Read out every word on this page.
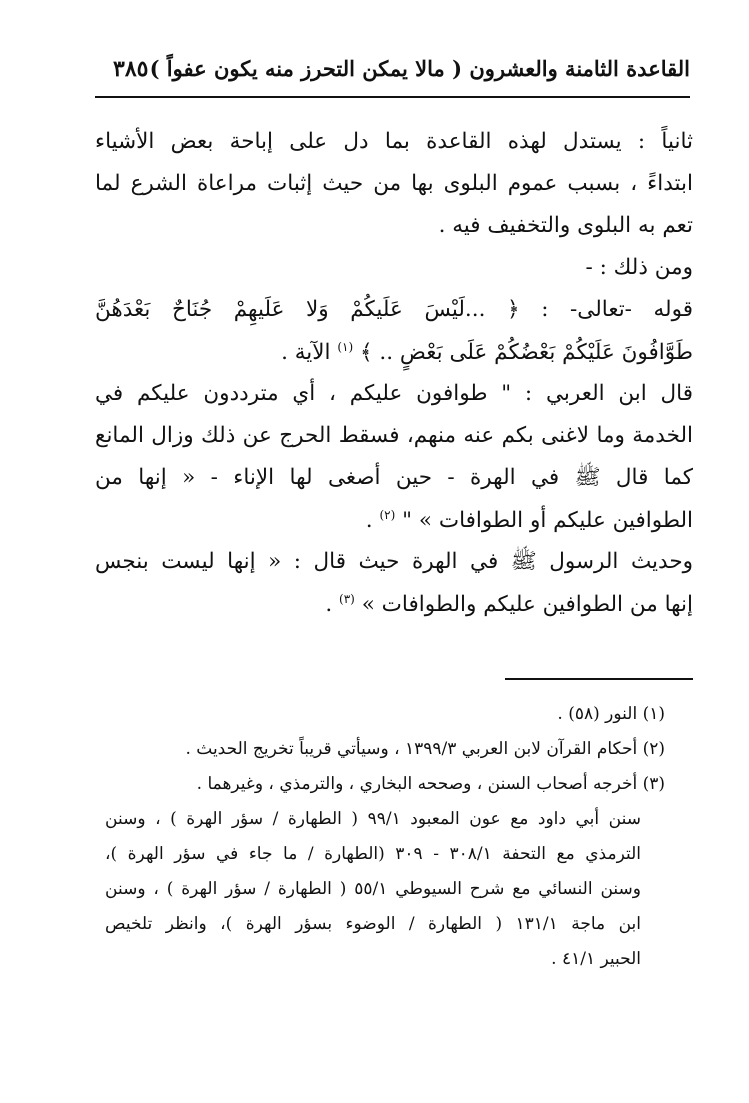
القاعدة الثامنة والعشرون ( مالا يمكن التحرز منه يكون عفواً )
٣٨٥
ثانياً : يستدل لهذه القاعدة بما دل على إباحة بعض الأشياء
ابتداءً ، بسبب عموم البلوى بها من حيث إثبات مراعاة الشرع لما
تعم به البلوى والتخفيف فيه .
ومن ذلك : -
قوله -تعالى- : ﴿ ...لَيْسَ عَلَيكُمْ وَلا عَلَيهِمْ جُنَاحٌ بَعْدَهُنَّ
طَوَّافُونَ عَلَيْكُمْ بَعْضُكُمْ عَلَى بَعْضٍ .. ﴾ $^{(١)}$ الآية .
قال ابن العربي : " طوافون عليكم ، أي مترددون عليكم في
الخدمة وما لاغنى بكم عنه منهم، فسقط الحرج عن ذلك وزال المانع
كما قال ﷺ في الهرة - حين أصغى لها الإناء - « إنها من
الطوافين عليكم أو الطوافات » " $^{(٢)}$ .
وحديث الرسول ﷺ في الهرة حيث قال : « إنها ليست بنجس
إنها من الطوافين عليكم والطوافات » $^{(٣)}$ .
(١) النور (٥٨) .
(٢) أحكام القرآن لابن العربي ١٣٩٩/٣ ، وسيأتي قريباً تخريج الحديث .
(٣) أخرجه أصحاب السنن ، وصححه البخاري ، والترمذي ، وغيرهما .
سنن أبي داود مع عون المعبود ٩٩/١ ( الطهارة / سؤر الهرة ) ، وسنن
الترمذي مع التحفة ٣٠٨/١ - ٣٠٩ (الطهارة / ما جاء في سؤر الهرة )،
وسنن النسائي مع شرح السيوطي ٥٥/١ ( الطهارة / سؤر الهرة ) ، وسنن
ابن ماجة ١٣١/١ ( الطهارة / الوضوء بسؤر الهرة )، وانظر تلخيص
الحبير ٤١/١ .
